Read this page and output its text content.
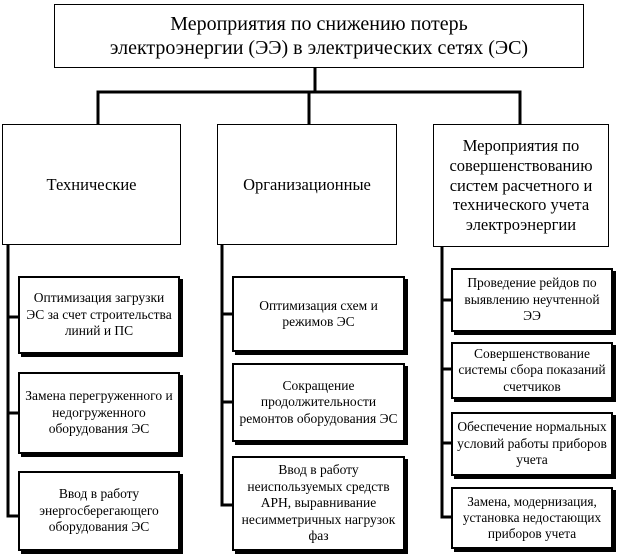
Мероприятия по снижению потерь
электроэнергии (ЭЭ) в электрических сетях (ЭС)
Технические	Организационные
Мероприятия по совершенствованию систем расчетного и технического учета электроэнергии
Оптимизация загрузки ЭС за счет строительства линий и ПС
Замена перегруженного и недогруженного оборудования ЭС
Ввод в работу энергосберегающего оборудования ЭС
Оптимизация схем и режимов ЭС
Сокращение продолжительности ремонтов оборудования ЭС
Ввод в работу неиспользуемых средств АРН, выравнивание несимметричных нагрузок фаз
Проведение рейдов по выявлению неучтенной ЭЭ
Совершенствование системы сбора показаний счетчиков
Обеспечение нормальных условий работы приборов учета
Замена, модернизация, установка недостающих приборов учета
